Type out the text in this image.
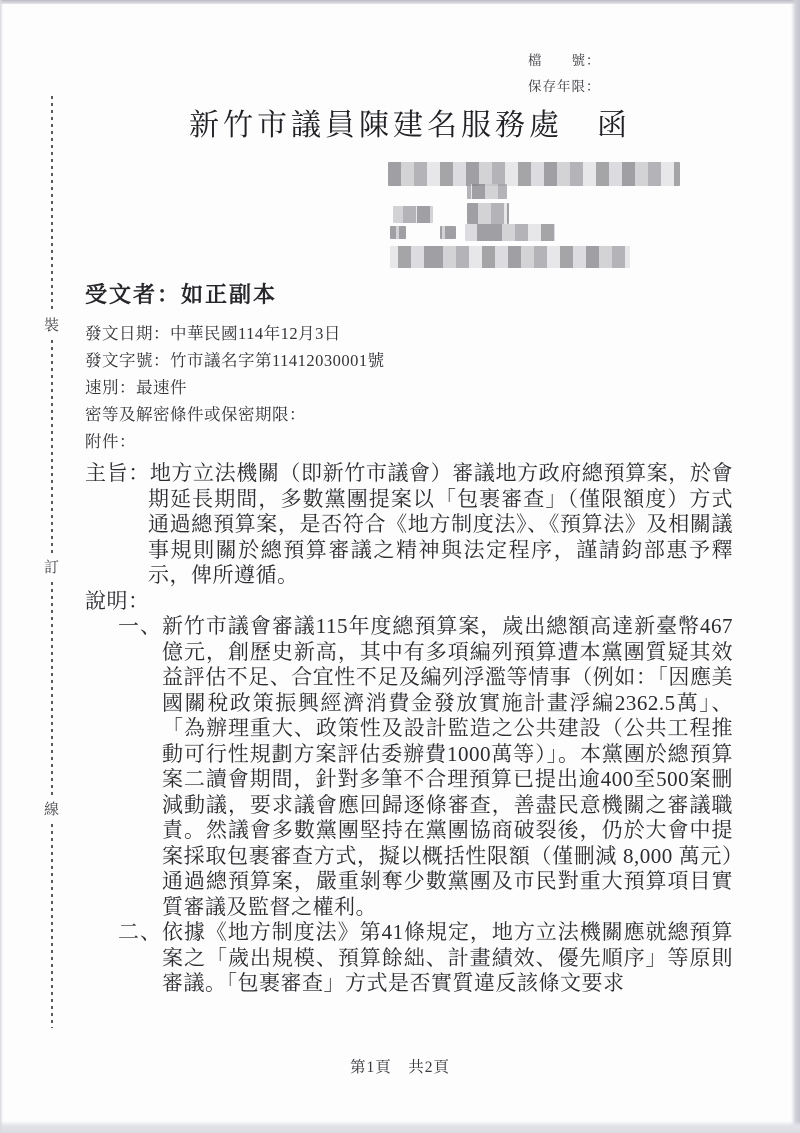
裝
訂
線
檔　　號：
保存年限：
新竹市議員陳建名服務處　函
受文者：如正副本
發文日期：中華民國114年12月3日
發文字號：竹市議名字第11412030001號
速別：最速件
密等及解密條件或保密期限：
附件：

主旨：地方立法機關（即新竹市議會）審議地方政府總預算案，於會期延長期間，多數黨團提案以「包裹審查」（僅限額度）方式通過總預算案，是否符合《地方制度法》、《預算法》及相關議事規則關於總預算審議之精神與法定程序，謹請鈞部惠予釋示，俾所遵循。

說明：

一、新竹市議會審議115年度總預算案，歲出總額高達新臺幣467 億元，創歷史新高，其中有多項編列預算遭本黨團質疑其效益評估不足、合宜性不足及編列浮濫等情事（例如：「因應美國關稅政策振興經濟消費金發放實施計畫浮編2362.5萬」、「為辦理重大、政策性及設計監造之公共建設（公共工程推動可行性規劃方案評估委辦費1000萬等）」。本黨團於總預算案二讀會期間，針對多筆不合理預算已提出逾400至500案刪減動議，要求議會應回歸逐條審查，善盡民意機關之審議職責。然議會多數黨團堅持在黨團協商破裂後，仍於大會中提案採取包裹審查方式，擬以概括性限額（僅刪減 8,000 萬元）通過總預算案，嚴重剝奪少數黨團及市民對重大預算項目實質審議及監督之權利。

二、依據《地方制度法》第41條規定，地方立法機關應就總預算案之「歲出規模、預算餘絀、計畫績效、優先順序」等原則審議。「包裹審查」方式是否實質違反該條文要求

第1頁　共2頁
